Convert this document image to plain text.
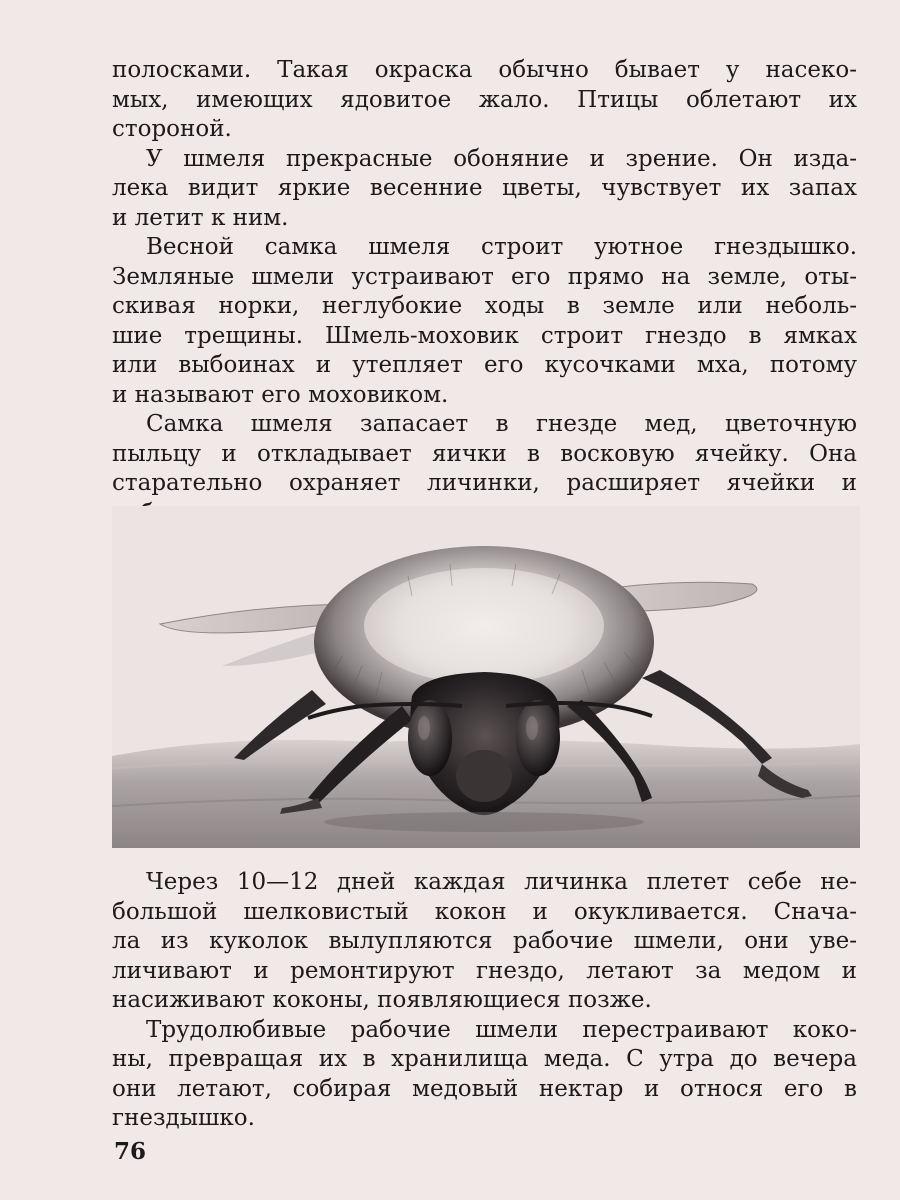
полосками. Такая окраска обычно бывает у насеко-
мых, имеющих ядовитое жало. Птицы облетают их
стороной.

У шмеля прекрасные обоняние и зрение. Он изда-
лека видит яркие весенние цветы, чувствует их запах
и летит к ним.

Весной самка шмеля строит уютное гнездышко.
Земляные шмели устраивают его прямо на земле, оты-
скивая норки, неглубокие ходы в земле или неболь-
шие трещины. Шмель-моховик строит гнездо в ямках
или выбоинах и утепляет его кусочками мха, потому
и называют его моховиком.

Самка шмеля запасает в гнезде мед, цветочную
пыльцу и откладывает яички в восковую ячейку. Она
старательно охраняет личинки, расширяет ячейки и

Через 10—12 дней каждая личинка плетет себе не-
большой шелковистый кокон и окукливается. Снача-
ла из куколок вылупляются рабочие шмели, они уве-
личивают и ремонтируют гнездо, летают за медом и
насиживают коконы, появляющиеся позже.

Трудолюбивые рабочие шмели перестраивают коко-
ны, превращая их в хранилища меда. С утра до вечера
они летают, собирая медовый нектар и относя его в
гнездышко.

76
